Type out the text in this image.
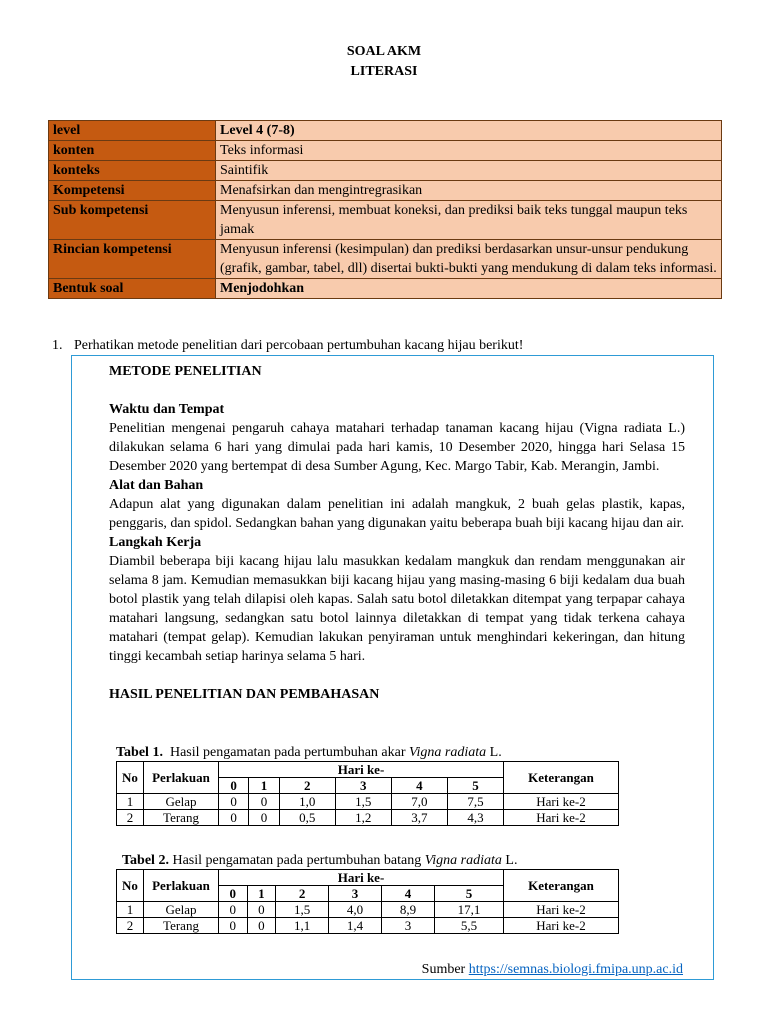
SOAL AKM
LITERASI
level	Level 4 (7-8)
konten	Teks informasi
konteks	Saintifik
Kompetensi	Menafsirkan dan mengintregrasikan
Sub kompetensi	Menyusun inferensi, membuat koneksi, dan prediksi baik teks tunggal maupun teks jamak
Rincian kompetensi	Menyusun inferensi (kesimpulan) dan prediksi berdasarkan unsur-unsur pendukung (grafik, gambar, tabel, dll) disertai bukti-bukti yang mendukung di dalam teks informasi.
Bentuk soal	Menjodohkan
1. Perhatikan metode penelitian dari percobaan pertumbuhan kacang hijau berikut!
METODE PENELITIAN
Waktu dan Tempat

Penelitian mengenai pengaruh cahaya matahari terhadap tanaman kacang hijau (Vigna radiata L.) dilakukan selama 6 hari yang dimulai pada hari kamis, 10 Desember 2020, hingga hari Selasa 15 Desember 2020 yang bertempat di desa Sumber Agung, Kec. Margo Tabir, Kab. Merangin, Jambi.

Alat dan Bahan

Adapun alat yang digunakan dalam penelitian ini adalah mangkuk, 2 buah gelas plastik, kapas, penggaris, dan spidol. Sedangkan bahan yang digunakan yaitu beberapa buah biji kacang hijau dan air.

Langkah Kerja

Diambil beberapa biji kacang hijau lalu masukkan kedalam mangkuk dan rendam menggunakan air selama 8 jam. Kemudian memasukkan biji kacang hijau yang masing-masing 6 biji kedalam dua buah botol plastik yang telah dilapisi oleh kapas. Salah satu botol diletakkan ditempat yang terpapar cahaya matahari langsung, sedangkan satu botol lainnya diletakkan di tempat yang tidak terkena cahaya matahari (tempat gelap). Kemudian lakukan penyiraman untuk menghindari kekeringan, dan hitung tinggi kecambah setiap harinya selama 5 hari.

HASIL PENELITIAN DAN PEMBAHASAN
Tabel 1. Hasil pengamatan pada pertumbuhan akar Vigna radiata L.
No	Perlakuan	Hari ke-						Keterangan
		0	1	2	3	4	5	
1	Gelap	0	0	1,0	1,5	7,0	7,5	Hari ke-2
2	Terang	0	0	0,5	1,2	3,7	4,3	Hari ke-2
Tabel 2. Hasil pengamatan pada pertumbuhan batang Vigna radiata L.
No	Perlakuan	Hari ke-						Keterangan
		0	1	2	3	4	5	
1	Gelap	0	0	1,5	4,0	8,9	17,1	Hari ke-2
2	Terang	0	0	1,1	1,4	3	5,5	Hari ke-2
Sumber https://semnas.biologi.fmipa.unp.ac.id
